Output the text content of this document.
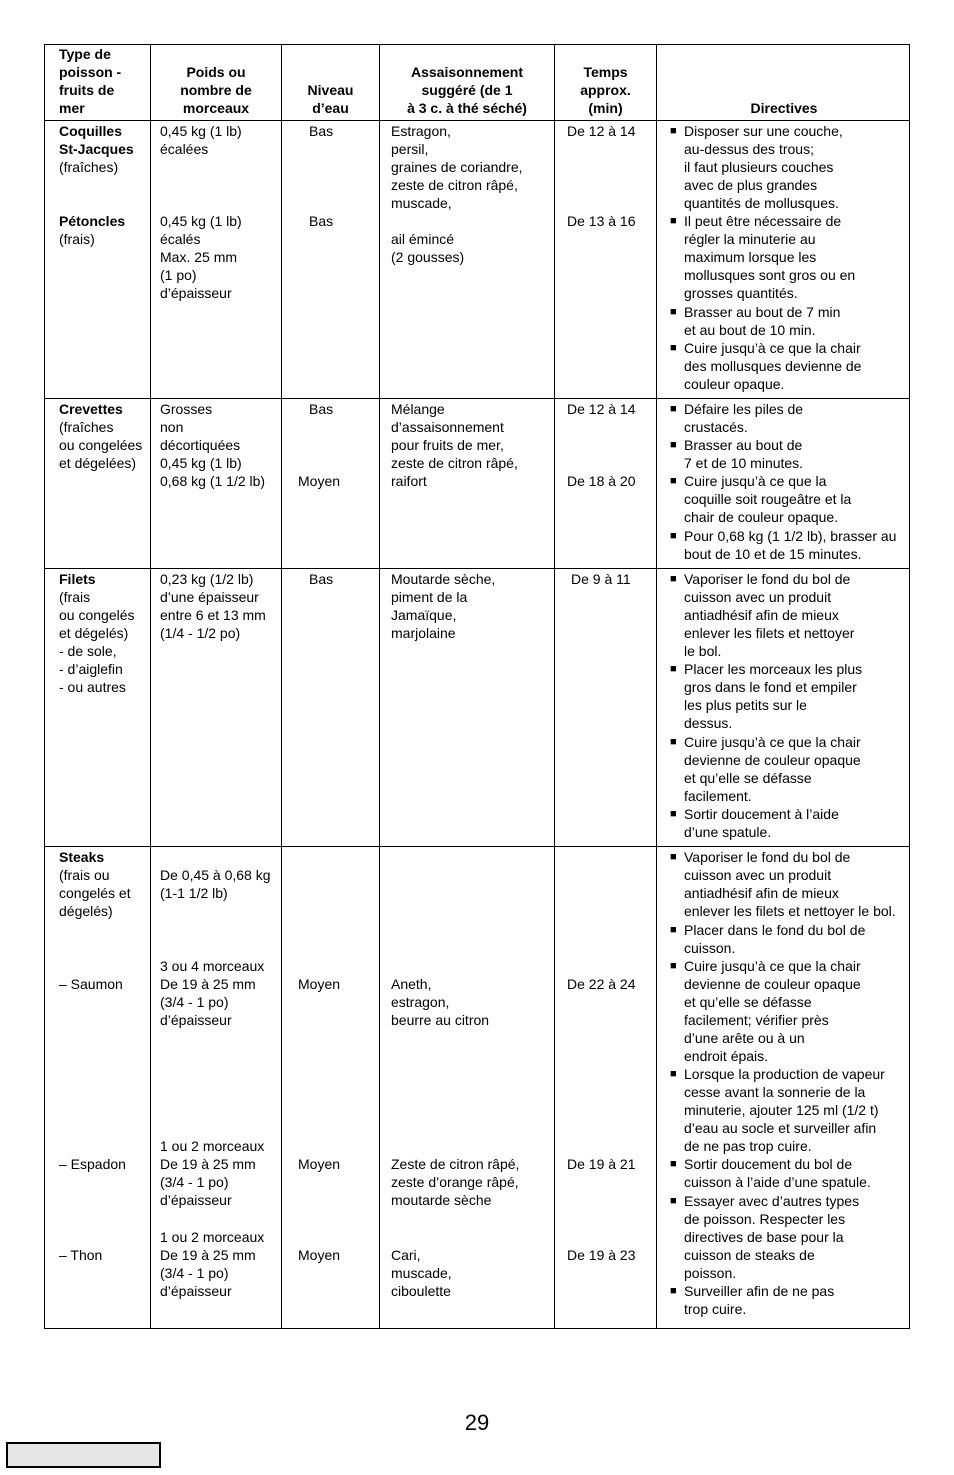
Type de
poisson -
fruits de
mer
Poids ou
nombre de
morceaux
Niveau
d’eau
Assaisonnement
suggéré (de 1
à 3 c. à thé séché)
Temps
approx.
(min)	Directives
Coquilles
St-Jacques
(fraîches)
0,45 kg (1 lb)
écalées
Bas	Estragon,
persil,
graines de coriandre,
zeste de citron râpé,
muscade,
De 12 à 14
Pétoncles
(frais)
0,45 kg (1 lb)
écalés
Max. 25 mm
(1 po)
d’épaisseur
Bas
ail émincé
(2 gousses)
De 13 à 16
■ Disposer sur une couche,
au-dessus des trous;
il faut plusieurs couches
avec de plus grandes
quantités de mollusques.
■ Il peut être nécessaire de
régler la minuterie au
maximum lorsque les
mollusques sont gros ou en
grosses quantités.
■ Brasser au bout de 7 min
et au bout de 10 min.
■ Cuire jusqu’à ce que la chair
des mollusques devienne de
couleur opaque.
Crevettes
(fraîches
ou congelées
et dégelées)
Grosses
non
décortiquées
0,45 kg (1 lb)
0,68 kg (1 1/2 lb)
Bas
Moyen
Mélange
d’assaisonnement
pour fruits de mer,
zeste de citron râpé,
raifort
De 12 à 14
De 18 à 20
■ Défaire les piles de
crustacés.
■ Brasser au bout de
7 et de 10 minutes.
■ Cuire jusqu’à ce que la
coquille soit rougeâtre et la
chair de couleur opaque.
■ Pour 0,68 kg (1 1/2 lb), brasser au
bout de 10 et de 15 minutes.
Filets
(frais
ou congelés
et dégelés)
- de sole,
- d’aiglefin
- ou autres
0,23 kg (1/2 lb)
d’une épaisseur
entre 6 et 13 mm
(1/4 - 1/2 po)
Bas	Moutarde sèche,
piment de la
Jamaïque,
marjolaine
De 9 à 11
■	Vaporiser le fond du bol de
cuisson avec un produit
antiadhésif afin de mieux
enlever les filets et nettoyer
le bol.
■ Placer les morceaux les plus
gros dans le fond et empiler
les plus petits sur le
dessus.
■ Cuire jusqu’à ce que la chair
devienne de couleur opaque
et qu’elle se défasse
facilement.
■ Sortir doucement à l’aide
d’une spatule.
Steaks
(frais ou
congelés et
dégelés)
De 0,45 à 0,68 kg
(1-1 1/2 lb)
– Saumon
3 ou 4 morceaux
De 19 à 25 mm
(3/4 - 1 po)
d’épaisseur
Moyen	Aneth,
estragon,
beurre au citron
De 22 à 24
– Espadon
1 ou 2 morceaux
De 19 à 25 mm
(3/4 - 1 po)
d’épaisseur
Moyen	Zeste de citron râpé,
zeste d’orange râpé,
moutarde sèche
De 19 à 21
– Thon
1 ou 2 morceaux
De 19 à 25 mm
(3/4 - 1 po)
d’épaisseur
Moyen	Cari,
muscade,
ciboulette
De 19 à 23
■ Vaporiser le fond du bol de
cuisson avec un produit
antiadhésif afin de mieux
enlever les filets et nettoyer le bol.
■ Placer dans le fond du bol de
cuisson.
■ Cuire jusqu’à ce que la chair
devienne de couleur opaque
et qu’elle se défasse
facilement; vérifier près
d’une arête ou à un
endroit épais.
■ Lorsque la production de vapeur
cesse avant la sonnerie de la
minuterie, ajouter 125 ml (1/2 t)
d’eau au socle et surveiller afin
de ne pas trop cuire.
■ Sortir doucement du bol de
cuisson à l’aide d’une spatule.
■ Essayer avec d’autres types
de poisson. Respecter les
directives de base pour la
cuisson de steaks de
poisson.
■ Surveiller afin de ne pas
trop cuire.
29
